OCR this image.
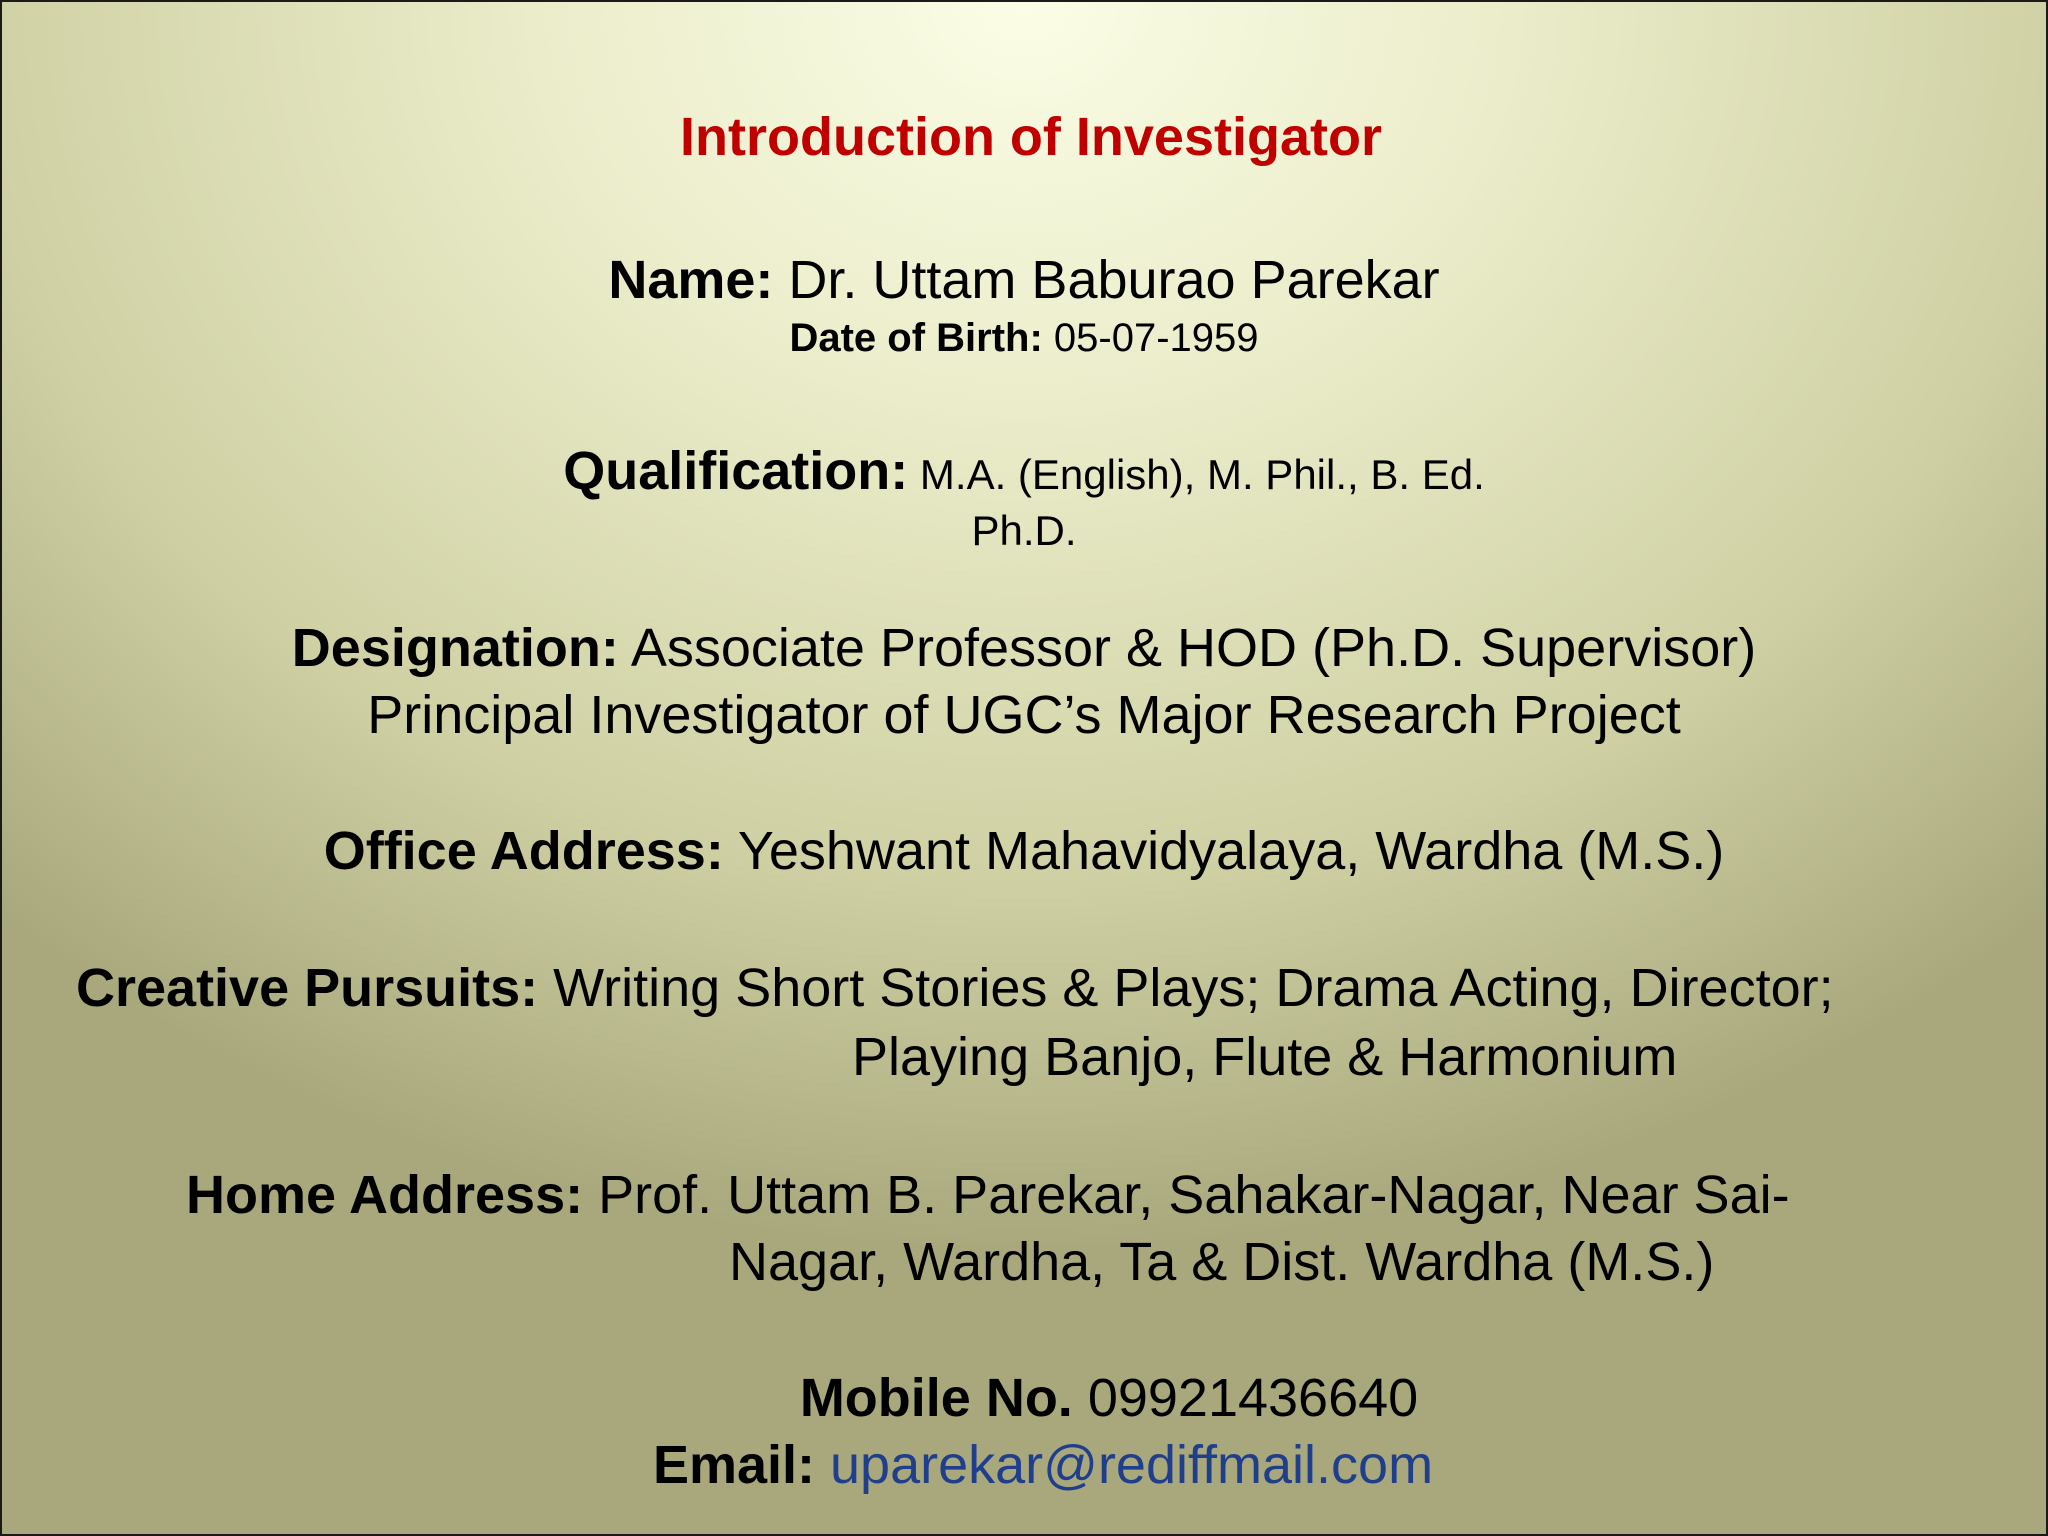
Introduction of Investigator
Name: Dr. Uttam Baburao Parekar
Date of Birth: 05-07-1959
Qualification: M.A. (English), M. Phil., B. Ed.
Ph.D.
Designation: Associate Professor & HOD (Ph.D. Supervisor)
Principal Investigator of UGC’s Major Research Project
Office Address: Yeshwant Mahavidyalaya, Wardha (M.S.)
Creative Pursuits: Writing Short Stories & Plays; Drama Acting, Director;
Playing Banjo, Flute & Harmonium
Home Address: Prof. Uttam B. Parekar, Sahakar-Nagar, Near Sai-
Nagar, Wardha, Ta & Dist. Wardha (M.S.)
Mobile No. 09921436640
Email: uparekar@rediffmail.com
